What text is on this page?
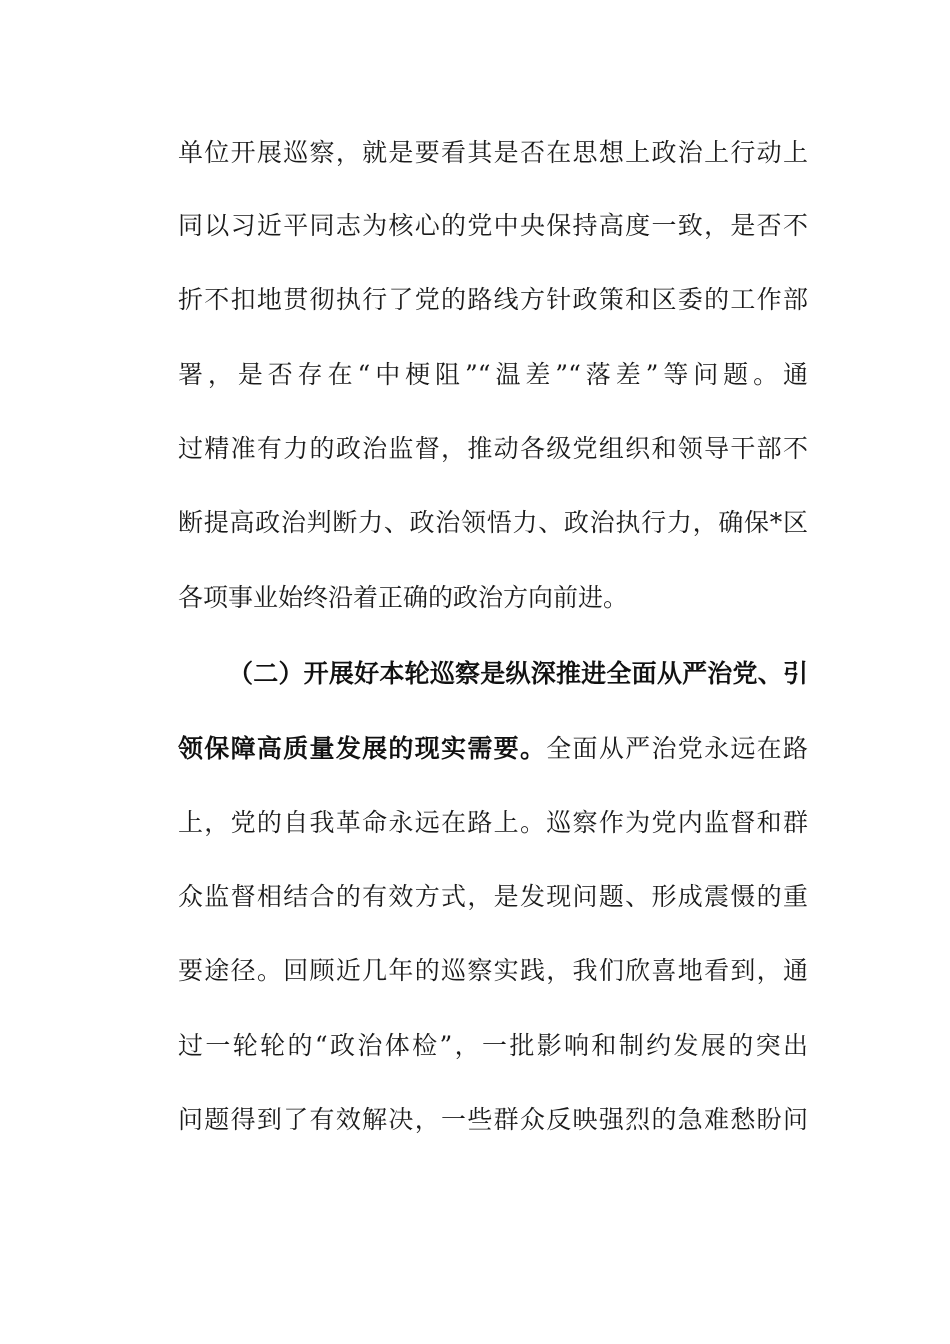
单位开展巡察，就是要看其是否在思想上政治上行动上
同以习近平同志为核心的党中央保持高度一致，是否不
折不扣地贯彻执行了党的路线方针政策和区委的工作部
署，是否存在“中梗阻”“温差”“落差”等问题。通
过精准有力的政治监督，推动各级党组织和领导干部不
断提高政治判断力、政治领悟力、政治执行力，确保*区
各项事业始终沿着正确的政治方向前进。
（二）开展好本轮巡察是纵深推进全面从严治党、引
领保障高质量发展的现实需要。全面从严治党永远在路
上，党的自我革命永远在路上。巡察作为党内监督和群
众监督相结合的有效方式，是发现问题、形成震慑的重
要途径。回顾近几年的巡察实践，我们欣喜地看到，通
过一轮轮的“政治体检”，一批影响和制约发展的突出
问题得到了有效解决，一些群众反映强烈的急难愁盼问
